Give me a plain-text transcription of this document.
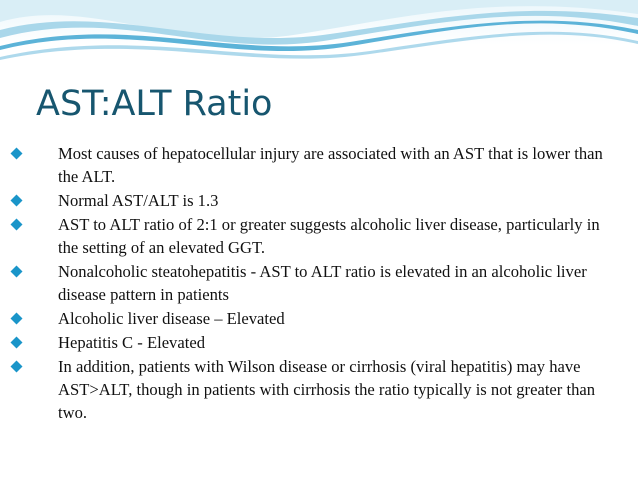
AST:ALT Ratio
Most causes of hepatocellular injury are associated with an AST that is lower than the ALT.
Normal AST/ALT is 1.3
AST to ALT ratio of 2:1 or greater suggests alcoholic liver disease, particularly in the setting of an elevated GGT.
Nonalcoholic steatohepatitis - AST to ALT ratio is elevated in an alcoholic liver disease pattern in patients
Alcoholic liver disease – Elevated
Hepatitis C - Elevated
In addition, patients with Wilson disease or cirrhosis (viral hepatitis) may have AST>ALT, though in patients with cirrhosis the ratio typically is not greater than two.
